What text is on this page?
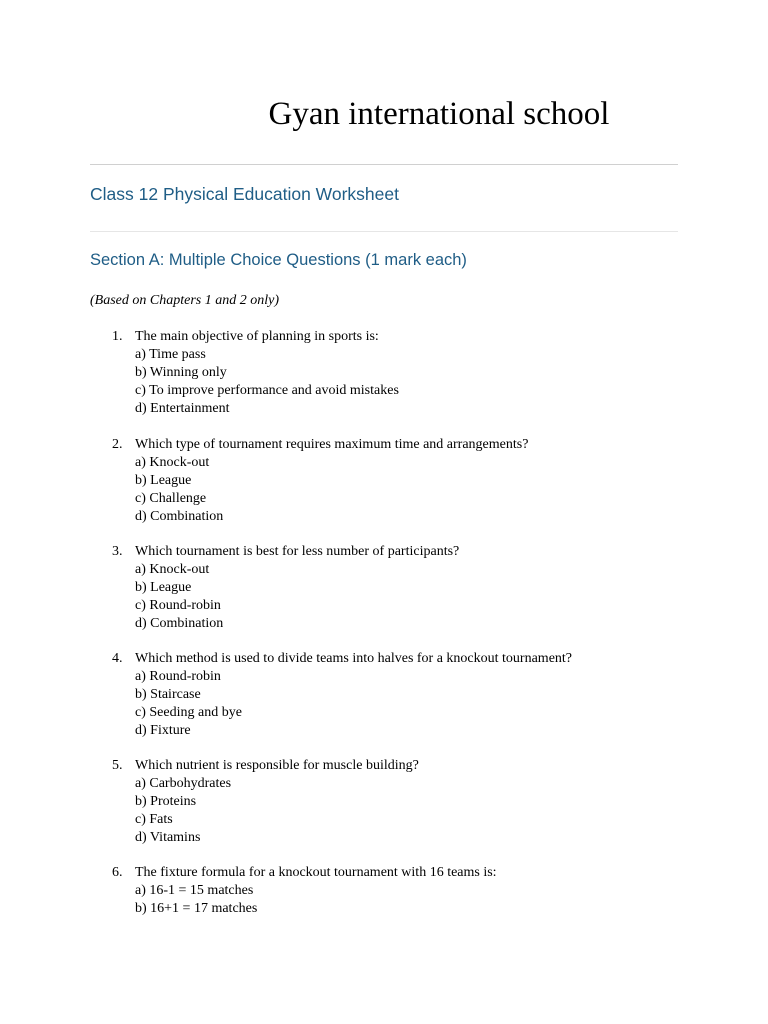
Gyan international school
Class 12 Physical Education Worksheet
Section A: Multiple Choice Questions (1 mark each)

(Based on Chapters 1 and 2 only)

1. The main objective of planning in sports is:
a) Time pass
b) Winning only
c) To improve performance and avoid mistakes
d) Entertainment
2. Which type of tournament requires maximum time and arrangements?
a) Knock-out
b) League
c) Challenge
d) Combination
3. Which tournament is best for less number of participants?
a) Knock-out
b) League
c) Round-robin
d) Combination
4. Which method is used to divide teams into halves for a knockout tournament?
a) Round-robin
b) Staircase
c) Seeding and bye
d) Fixture
5. Which nutrient is responsible for muscle building?
a) Carbohydrates
b) Proteins
c) Fats
d) Vitamins
6. The fixture formula for a knockout tournament with 16 teams is:
a) 16-1 = 15 matches
b) 16+1 = 17 matches
